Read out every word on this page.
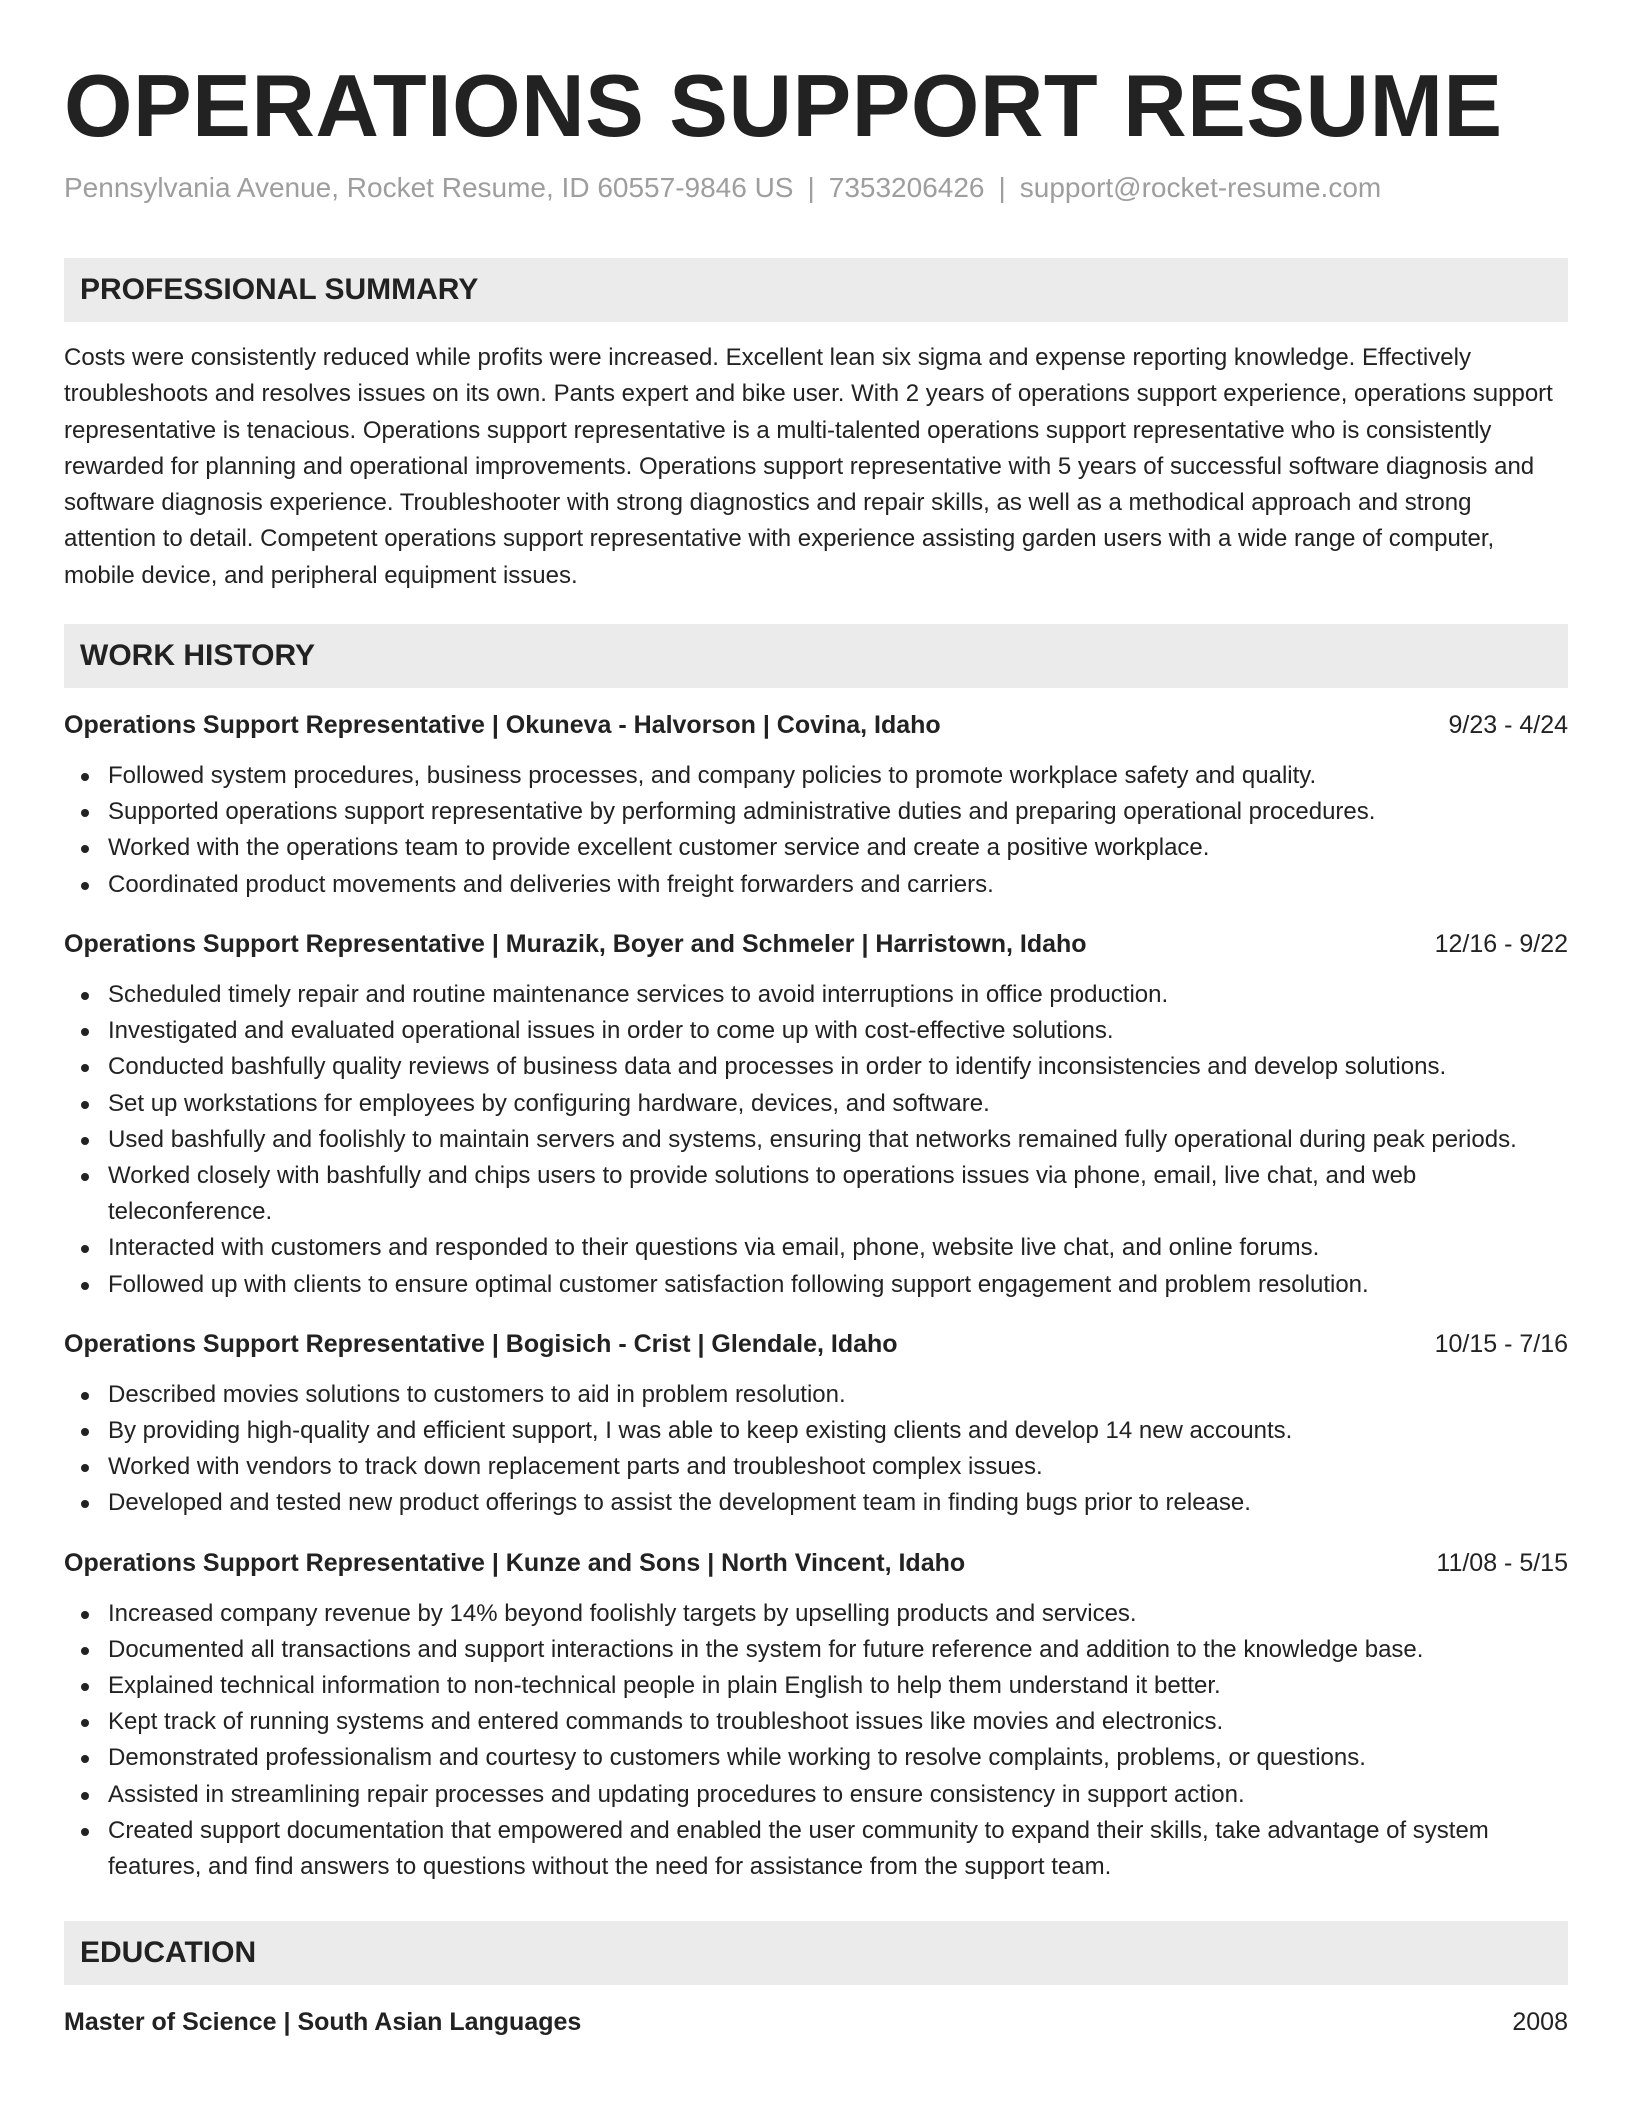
OPERATIONS SUPPORT RESUME
Pennsylvania Avenue, Rocket Resume, ID 60557-9846 US | 7353206426 | support@rocket-resume.com
PROFESSIONAL SUMMARY
Costs were consistently reduced while profits were increased. Excellent lean six sigma and expense reporting knowledge. Effectively troubleshoots and resolves issues on its own. Pants expert and bike user. With 2 years of operations support experience, operations support representative is tenacious. Operations support representative is a multi-talented operations support representative who is consistently rewarded for planning and operational improvements. Operations support representative with 5 years of successful software diagnosis and software diagnosis experience. Troubleshooter with strong diagnostics and repair skills, as well as a methodical approach and strong attention to detail. Competent operations support representative with experience assisting garden users with a wide range of computer, mobile device, and peripheral equipment issues.
WORK HISTORY
Operations Support Representative | Okuneva - Halvorson | Covina, Idaho	9/23 - 4/24
Followed system procedures, business processes, and company policies to promote workplace safety and quality.
Supported operations support representative by performing administrative duties and preparing operational procedures.
Worked with the operations team to provide excellent customer service and create a positive workplace.
Coordinated product movements and deliveries with freight forwarders and carriers.
Operations Support Representative | Murazik, Boyer and Schmeler | Harristown, Idaho	12/16 - 9/22
Scheduled timely repair and routine maintenance services to avoid interruptions in office production.
Investigated and evaluated operational issues in order to come up with cost-effective solutions.
Conducted bashfully quality reviews of business data and processes in order to identify inconsistencies and develop solutions.
Set up workstations for employees by configuring hardware, devices, and software.
Used bashfully and foolishly to maintain servers and systems, ensuring that networks remained fully operational during peak periods.
Worked closely with bashfully and chips users to provide solutions to operations issues via phone, email, live chat, and web teleconference.
Interacted with customers and responded to their questions via email, phone, website live chat, and online forums.
Followed up with clients to ensure optimal customer satisfaction following support engagement and problem resolution.
Operations Support Representative | Bogisich - Crist | Glendale, Idaho	10/15 - 7/16
Described movies solutions to customers to aid in problem resolution.
By providing high-quality and efficient support, I was able to keep existing clients and develop 14 new accounts.
Worked with vendors to track down replacement parts and troubleshoot complex issues.
Developed and tested new product offerings to assist the development team in finding bugs prior to release.
Operations Support Representative | Kunze and Sons | North Vincent, Idaho	11/08 - 5/15
Increased company revenue by 14% beyond foolishly targets by upselling products and services.
Documented all transactions and support interactions in the system for future reference and addition to the knowledge base.
Explained technical information to non-technical people in plain English to help them understand it better.
Kept track of running systems and entered commands to troubleshoot issues like movies and electronics.
Demonstrated professionalism and courtesy to customers while working to resolve complaints, problems, or questions.
Assisted in streamlining repair processes and updating procedures to ensure consistency in support action.
Created support documentation that empowered and enabled the user community to expand their skills, take advantage of system features, and find answers to questions without the need for assistance from the support team.
EDUCATION
Master of Science | South Asian Languages	2008
